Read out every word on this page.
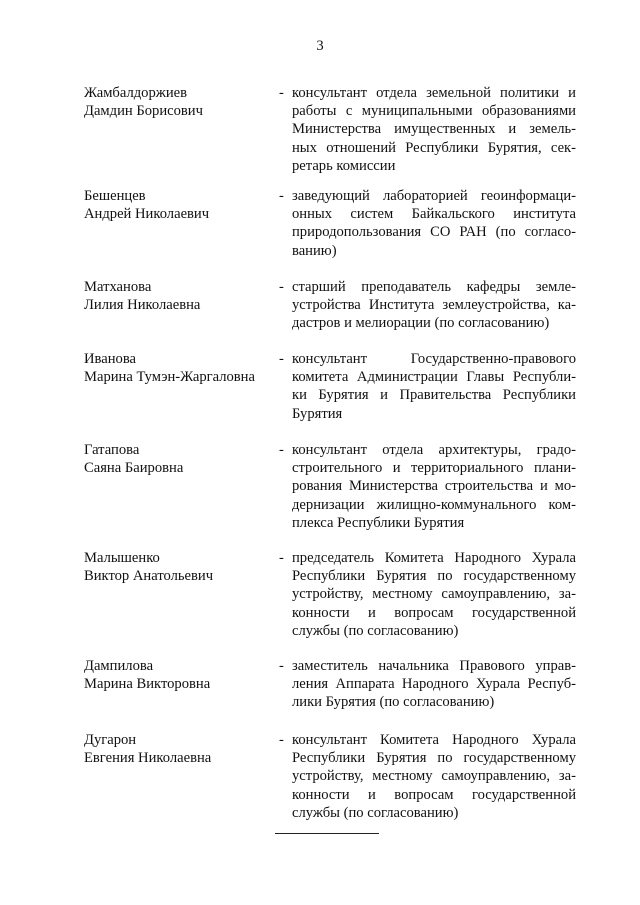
3
Жамбалдоржиев
Дамдин Борисович
- консультант отдела земельной политики и
работы с муниципальными образованиями
Министерства имущественных и земель-
ных отношений Республики Бурятия, сек-
ретарь комиссии
Бешенцев
Андрей Николаевич
- заведующий лабораторией геоинформаци-
онных систем Байкальского института
природопользования СО РАН (по согласо-
ванию)
Матханова
Лилия Николаевна
- старший преподаватель кафедры земле-
устройства Института землеустройства, ка-
дастров и мелиорации (по согласованию)
Иванова
Марина Тумэн-Жаргаловна
- консультант Государственно-правового
комитета Администрации Главы Республи-
ки Бурятия и Правительства Республики
Бурятия
Гатапова
Саяна Баировна
- консультант отдела архитектуры, градо-
строительного и территориального плани-
рования Министерства строительства и мо-
дернизации жилищно-коммунального ком-
плекса Республики Бурятия
Малышенко
Виктор Анатольевич
- председатель Комитета Народного Хурала
Республики Бурятия по государственному
устройству, местному самоуправлению, за-
конности и вопросам государственной
службы (по согласованию)
Дампилова
Марина Викторовна
- заместитель начальника Правового управ-
ления Аппарата Народного Хурала Респуб-
лики Бурятия (по согласованию)
Дугарон
Евгения Николаевна
- консультант Комитета Народного Хурала
Республики Бурятия по государственному
устройству, местному самоуправлению, за-
конности и вопросам государственной
службы (по согласованию)
